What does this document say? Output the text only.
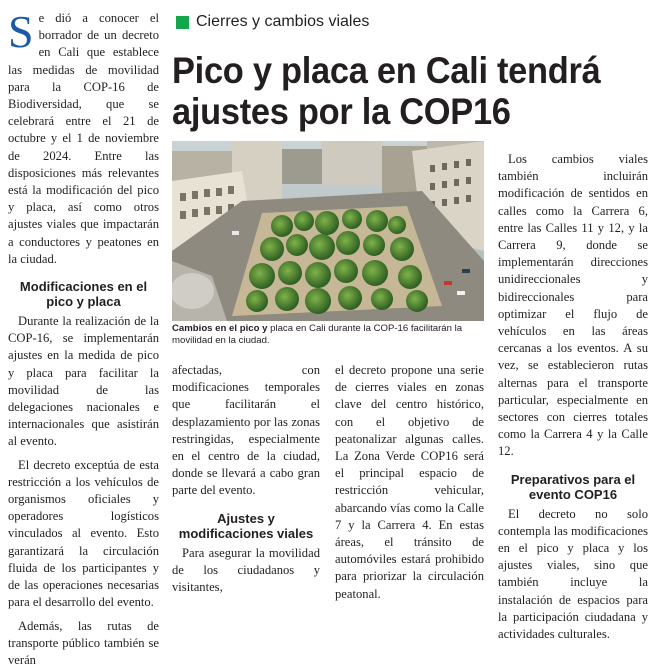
Se dió a conocer el borrador de un decreto en Cali que establece las medidas de movilidad para la COP-16 de Biodiversidad, que se celebrará entre el 21 de octubre y el 1 de noviembre de 2024. Entre las disposiciones más relevantes está la modificación del pico y placa, así como otros ajustes viales que impactarán a conductores y peatones en la ciudad.

Modificaciones en el pico y placa

Durante la realización de la COP-16, se implementarán ajustes en la medida de pico y placa para facilitar la movilidad de las delegaciones nacionales e internacionales que asistirán al evento.

El decreto exceptúa de esta restricción a los vehículos de organismos oficiales y operadores logísticos vinculados al evento. Esto garantizará la circulación fluida de los participantes y de las operaciones necesarias para el desarrollo del evento.

Además, las rutas de transporte público también se verán

Cierres y cambios viales
Pico y placa en Cali tendrá ajustes por la COP16
Cambios en el pico y placa en Cali durante la COP-16 facilitarán la movilidad en la ciudad.

afectadas, con modificaciones temporales que facilitarán el desplazamiento por las zonas restringidas, especialmente en el centro de la ciudad, donde se llevará a cabo gran parte del evento.

Ajustes y modificaciones viales

Para asegurar la movilidad de los ciudadanos y visitantes,

el decreto propone una serie de cierres viales en zonas clave del centro histórico, con el objetivo de peatonalizar algunas calles. La Zona Verde COP16 será el principal espacio de restricción vehicular, abarcando vías como la Calle 7 y la Carrera 4. En estas áreas, el tránsito de automóviles estará prohibido para priorizar la circulación peatonal.

Los cambios viales también incluirán modificación de sentidos en calles como la Carrera 6, entre las Calles 11 y 12, y la Carrera 9, donde se implementarán direcciones unidireccionales y bidireccionales para optimizar el flujo de vehículos en las áreas cercanas a los eventos. A su vez, se establecieron rutas alternas para el transporte particular, especialmente en sectores con cierres totales como la Carrera 4 y la Calle 12.

Preparativos para el evento COP16

El decreto no solo contempla las modificaciones en el pico y placa y los ajustes viales, sino que también incluye la instalación de espacios para la participación ciudadana y actividades culturales.
